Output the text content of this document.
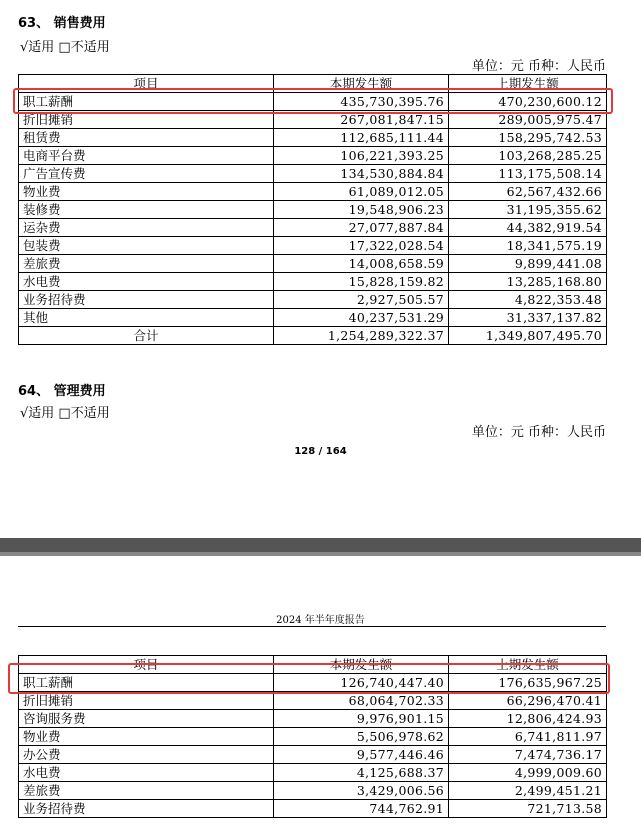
63、 销售费用
√适用 □不适用
单位：元 币种：人民币
项目	本期发生额	上期发生额
职工薪酬	435,730,395.76	470,230,600.12
折旧摊销	267,081,847.15	289,005,975.47
租赁费	112,685,111.44	158,295,742.53
电商平台费	106,221,393.25	103,268,285.25
广告宣传费	134,530,884.84	113,175,508.14
物业费	61,089,012.05	62,567,432.66
装修费	19,548,906.23	31,195,355.62
运杂费	27,077,887.84	44,382,919.54
包装费	17,322,028.54	18,341,575.19
差旅费	14,008,658.59	9,899,441.08
水电费	15,828,159.82	13,285,168.80
业务招待费	2,927,505.57	4,822,353.48
其他	40,237,531.29	31,337,137.82
合计	1,254,289,322.37	1,349,807,495.70
64、 管理费用
√适用 □不适用
单位：元 币种：人民币
128 / 164
2024 年半年度报告
项目	本期发生额	上期发生额
职工薪酬	126,740,447.40	176,635,967.25
折旧摊销	68,064,702.33	66,296,470.41
咨询服务费	9,976,901.15	12,806,424.93
物业费	5,506,978.62	6,741,811.97
办公费	9,577,446.46	7,474,736.17
水电费	4,125,688.37	4,999,009.60
差旅费	3,429,006.56	2,499,451.21
业务招待费	744,762.91	721,713.58
